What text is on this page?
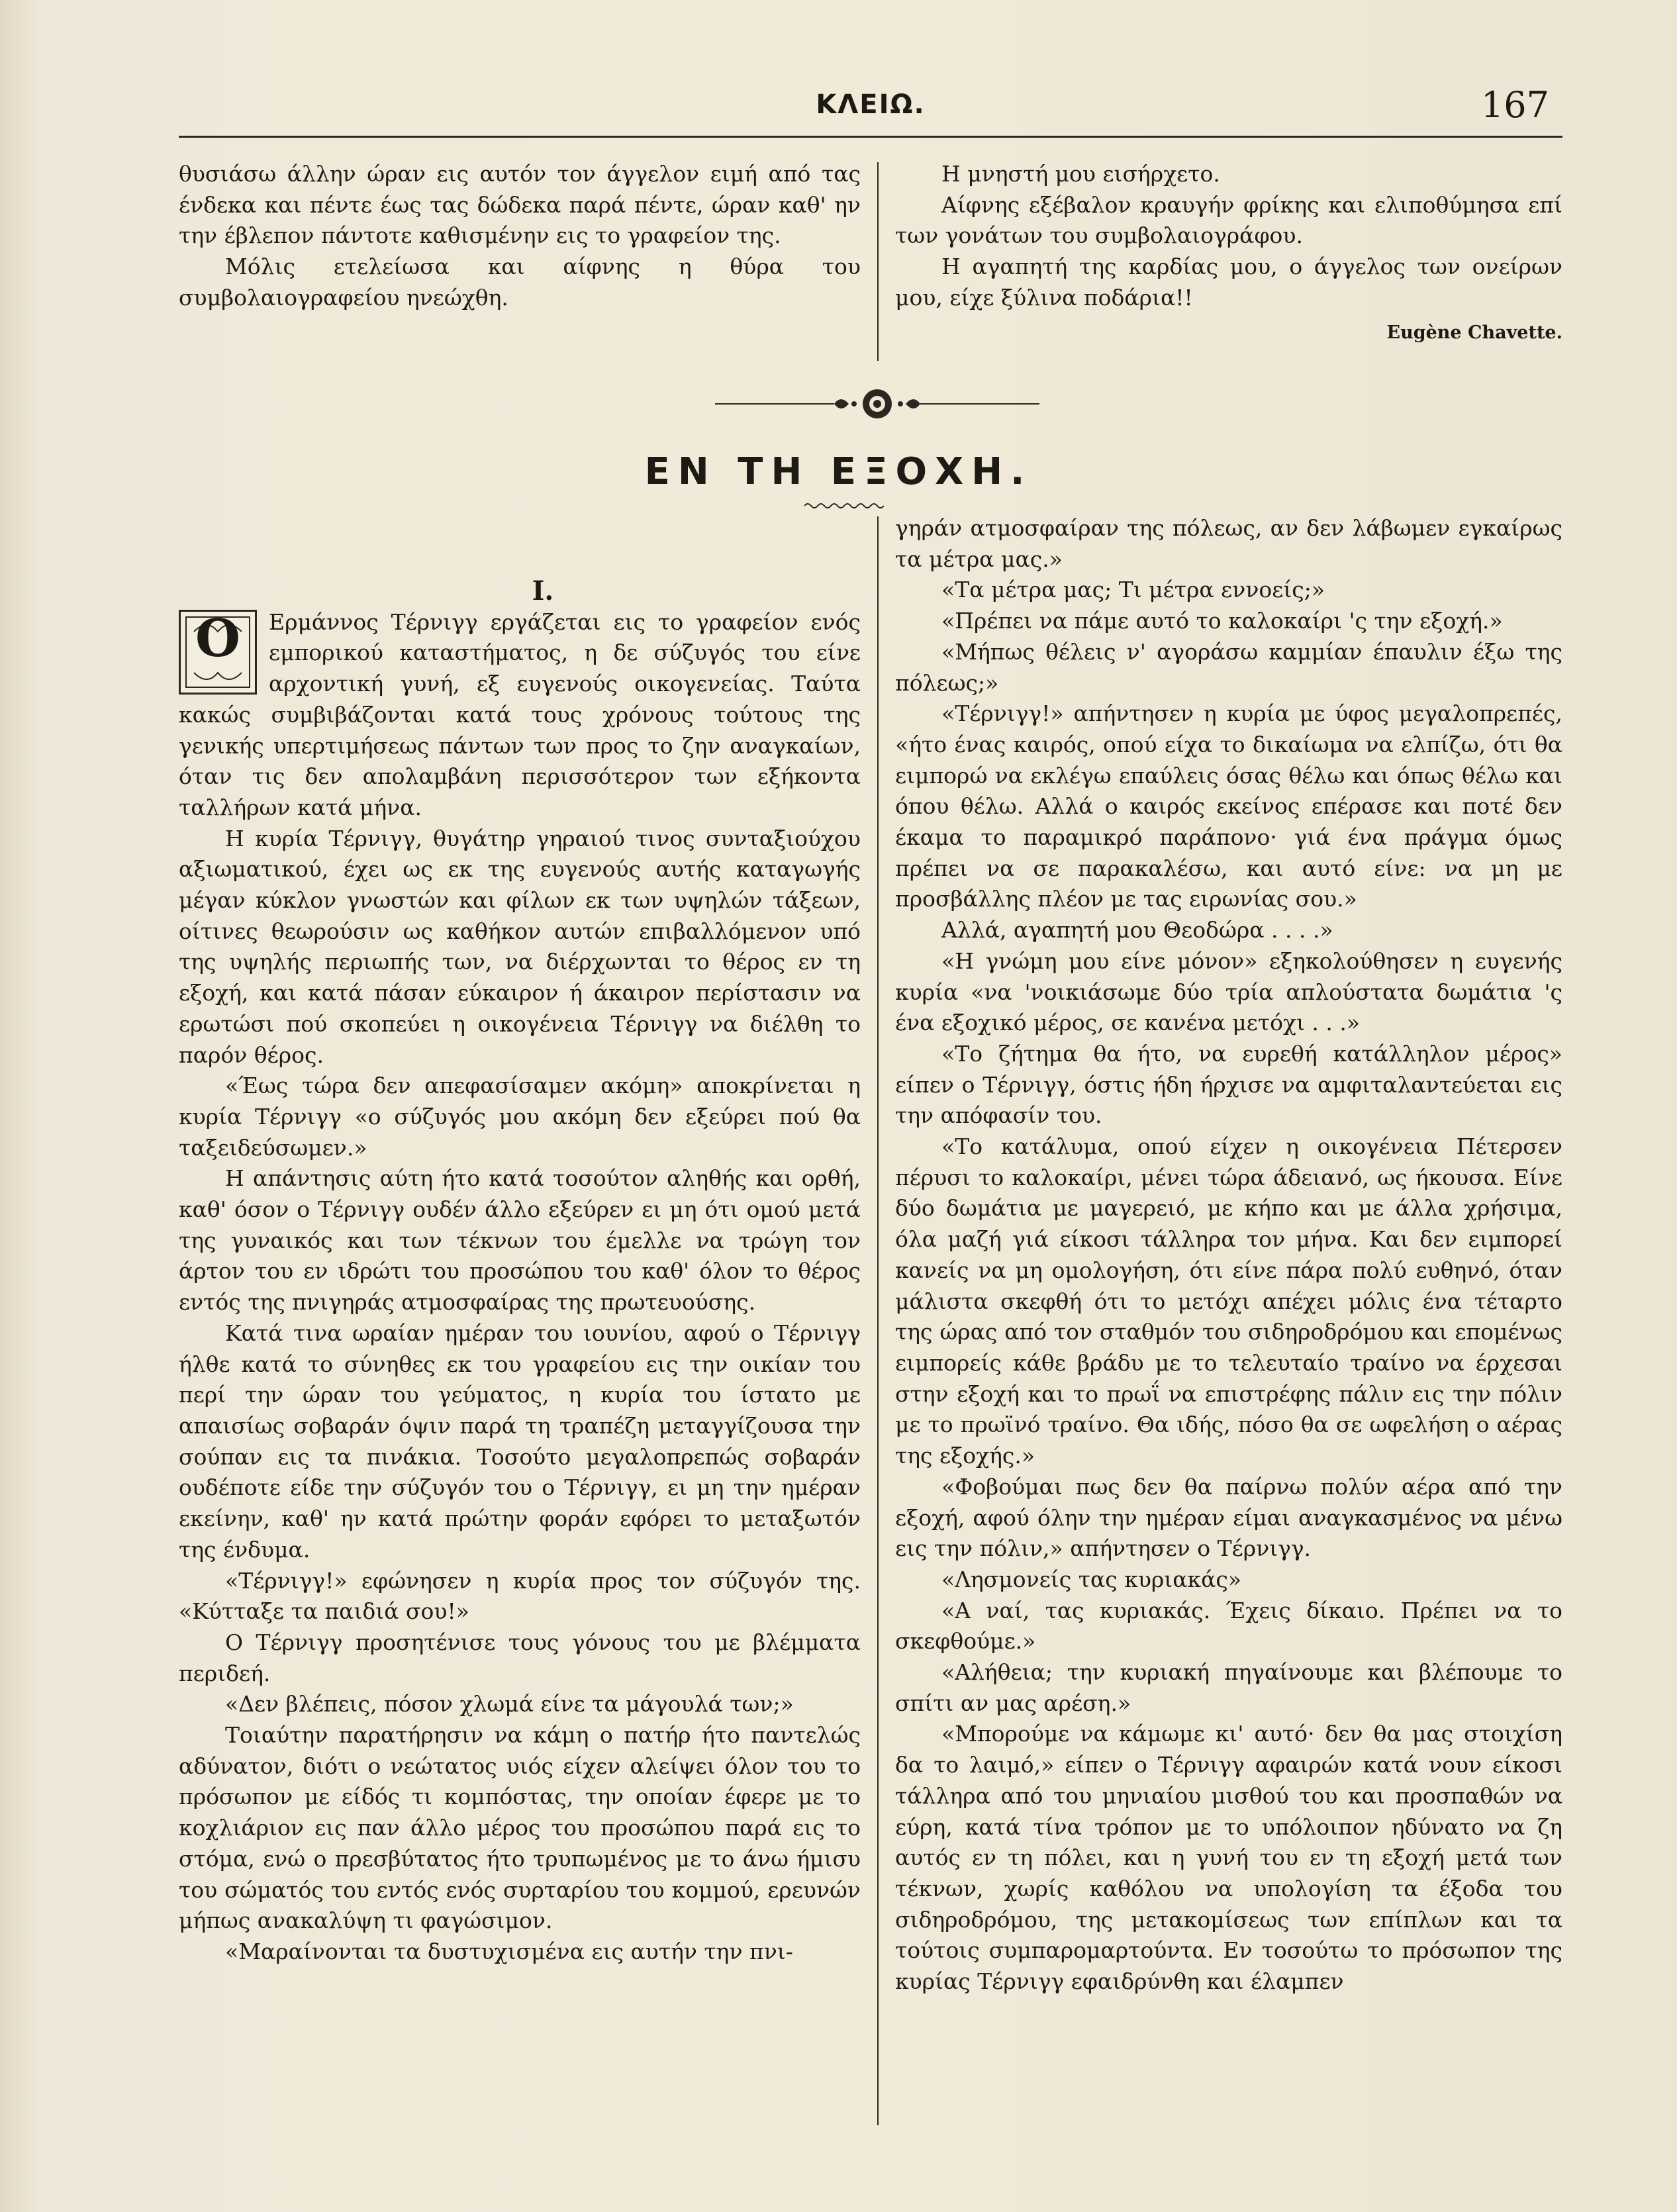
ΚΛΕΙΩ.	167

θυσιάσω άλλην ώραν εις αυτόν τον άγγελον ειμή από τας ένδεκα και πέντε έως τας δώδεκα παρά πέντε, ώραν καθ' ην την έβλεπον πάντοτε καθισμένην εις το γραφείον της.

Μόλις ετελείωσα και αίφνης η θύρα του συμβολαιογραφείου ηνεώχθη.

Η μνηστή μου εισήρχετο.

Αίφνης εξέβαλον κραυγήν φρίκης και ελιποθύμησα επί των γονάτων του συμβολαιογράφου.

Η αγαπητή της καρδίας μου, ο άγγελος των ονείρων μου, είχε ξύλινα ποδάρια!!

Eugène Chavette.
ΕΝ ΤΗ ΕΞΟΧΗ.

I.

Ο	Ερμάννος Τέρνιγγ εργάζεται εις το γραφείον ενός εμπορικού καταστήματος, η δε σύζυγός του είνε αρχοντική γυνή, εξ ευγενούς οικογενείας. Ταύτα κακώς συμβιβάζονται κατά τους χρόνους τούτους της γενικής υπερτιμήσεως πάντων των προς το ζην αναγκαίων, όταν τις δεν απολαμβάνη περισσότερον των εξήκοντα ταλλήρων κατά μήνα.

Η κυρία Τέρνιγγ, θυγάτηρ γηραιού τινος συνταξιούχου αξιωματικού, έχει ως εκ της ευγενούς αυτής καταγωγής μέγαν κύκλον γνωστών και φίλων εκ των υψηλών τάξεων, οίτινες θεωρούσιν ως καθήκον αυτών επιβαλλόμενον υπό της υψηλής περιωπής των, να διέρχωνται το θέρος εν τη εξοχή, και κατά πάσαν εύκαιρον ή άκαιρον περίστασιν να ερωτώσι πού σκοπεύει η οικογένεια Τέρνιγγ να διέλθη το παρόν θέρος.

«Έως τώρα δεν απεφασίσαμεν ακόμη» αποκρίνεται η κυρία Τέρνιγγ «ο σύζυγός μου ακόμη δεν εξεύρει πού θα ταξειδεύσωμεν.»

Η απάντησις αύτη ήτο κατά τοσούτον αληθής και ορθή, καθ' όσον ο Τέρνιγγ ουδέν άλλο εξεύρεν ει μη ότι ομού μετά της γυναικός και των τέκνων του έμελλε να τρώγη τον άρτον του εν ιδρώτι του προσώπου του καθ' όλον το θέρος εντός της πνιγηράς ατμοσφαίρας της πρωτευούσης.

Κατά τινα ωραίαν ημέραν του ιουνίου, αφού ο Τέρνιγγ ήλθε κατά το σύνηθες εκ του γραφείου εις την οικίαν του περί την ώραν του γεύματος, η κυρία του ίστατο με απαισίως σοβαράν όψιν παρά τη τραπέζη μεταγγίζουσα την σούπαν εις τα πινάκια. Τοσούτο μεγαλοπρεπώς σοβαράν ουδέποτε είδε την σύζυγόν του ο Τέρνιγγ, ει μη την ημέραν εκείνην, καθ' ην κατά πρώτην φοράν εφόρει το μεταξωτόν της ένδυμα.

«Τέρνιγγ!» εφώνησεν η κυρία προς τον σύζυγόν της. «Κύτταξε τα παιδιά σου!»

Ο Τέρνιγγ προσητένισε τους γόνους του με βλέμματα περιδεή.

«Δεν βλέπεις, πόσον χλωμά είνε τα μάγουλά των;»

Τοιαύτην παρατήρησιν να κάμη ο πατήρ ήτο παντελώς αδύνατον, διότι ο νεώτατος υιός είχεν αλείψει όλον του το πρόσωπον με είδός τι κομπόστας, την οποίαν έφερε με το κοχλιάριον εις παν άλλο μέρος του προσώπου παρά εις το στόμα, ενώ ο πρεσβύτατος ήτο τρυπωμένος με το άνω ήμισυ του σώματός του εντός ενός συρταρίου του κομμού, ερευνών μήπως ανακαλύψη τι φαγώσιμον.

«Μαραίνονται τα δυστυχισμένα εις αυτήν την πνι-

γηράν ατμοσφαίραν της πόλεως, αν δεν λάβωμεν εγκαίρως τα μέτρα μας.»

«Τα μέτρα μας; Τι μέτρα εννοείς;»

«Πρέπει να πάμε αυτό το καλοκαίρι 'ς την εξοχή.»

«Μήπως θέλεις ν' αγοράσω καμμίαν έπαυλιν έξω της πόλεως;»

«Τέρνιγγ!» απήντησεν η κυρία με ύφος μεγαλοπρεπές, «ήτο ένας καιρός, οπού είχα το δικαίωμα να ελπίζω, ότι θα ειμπορώ να εκλέγω επαύλεις όσας θέλω και όπως θέλω και όπου θέλω. Αλλά ο καιρός εκείνος επέρασε και ποτέ δεν έκαμα το παραμικρό παράπονο· γιά ένα πράγμα όμως πρέπει να σε παρακαλέσω, και αυτό είνε: να μη με προσβάλλης πλέον με τας ειρωνίας σου.»

Αλλά, αγαπητή μου Θεοδώρα . . . .»

«Η γνώμη μου είνε μόνον» εξηκολούθησεν η ευγενής κυρία «να 'νοικιάσωμε δύο τρία απλούστατα δωμάτια 'ς ένα εξοχικό μέρος, σε κανένα μετόχι . . .»

«Το ζήτημα θα ήτο, να ευρεθή κατάλληλον μέρος» είπεν ο Τέρνιγγ, όστις ήδη ήρχισε να αμφιταλαντεύεται εις την απόφασίν του.

«Το κατάλυμα, οπού είχεν η οικογένεια Πέτερσεν πέρυσι το καλοκαίρι, μένει τώρα άδειανό, ως ήκουσα. Είνε δύο δωμάτια με μαγερειό, με κήπο και με άλλα χρήσιμα, όλα μαζή γιά είκοσι τάλληρα τον μήνα. Και δεν ειμπορεί κανείς να μη ομολογήση, ότι είνε πάρα πολύ ευθηνό, όταν μάλιστα σκεφθή ότι το μετόχι απέχει μόλις ένα τέταρτο της ώρας από τον σταθμόν του σιδηροδρόμου και επομένως ειμπορείς κάθε βράδυ με το τελευταίο τραίνο να έρχεσαι στην εξοχή και το πρωΐ να επιστρέφης πάλιν εις την πόλιν με το πρωϊνό τραίνο. Θα ιδής, πόσο θα σε ωφελήση ο αέρας της εξοχής.»

«Φοβούμαι πως δεν θα παίρνω πολύν αέρα από την εξοχή, αφού όλην την ημέραν είμαι αναγκασμένος να μένω εις την πόλιν,» απήντησεν ο Τέρνιγγ.

«Λησμονείς τας κυριακάς»

«Α ναί, τας κυριακάς. Έχεις δίκαιο. Πρέπει να το σκεφθούμε.»

«Αλήθεια; την κυριακή πηγαίνουμε και βλέπουμε το σπίτι αν μας αρέση.»

«Μπορούμε να κάμωμε κι' αυτό· δεν θα μας στοιχίση δα το λαιμό,» είπεν ο Τέρνιγγ αφαιρών κατά νουν είκοσι τάλληρα από του μηνιαίου μισθού του και προσπαθών να εύρη, κατά τίνα τρόπον με το υπόλοιπον ηδύνατο να ζη αυτός εν τη πόλει, και η γυνή του εν τη εξοχή μετά των τέκνων, χωρίς καθόλου να υπολογίση τα έξοδα του σιδηροδρόμου, της μετακομίσεως των επίπλων και τα τούτοις συμπαρομαρτούντα. Εν τοσούτω το πρόσωπον της κυρίας Τέρνιγγ εφαιδρύνθη και έλαμπεν
